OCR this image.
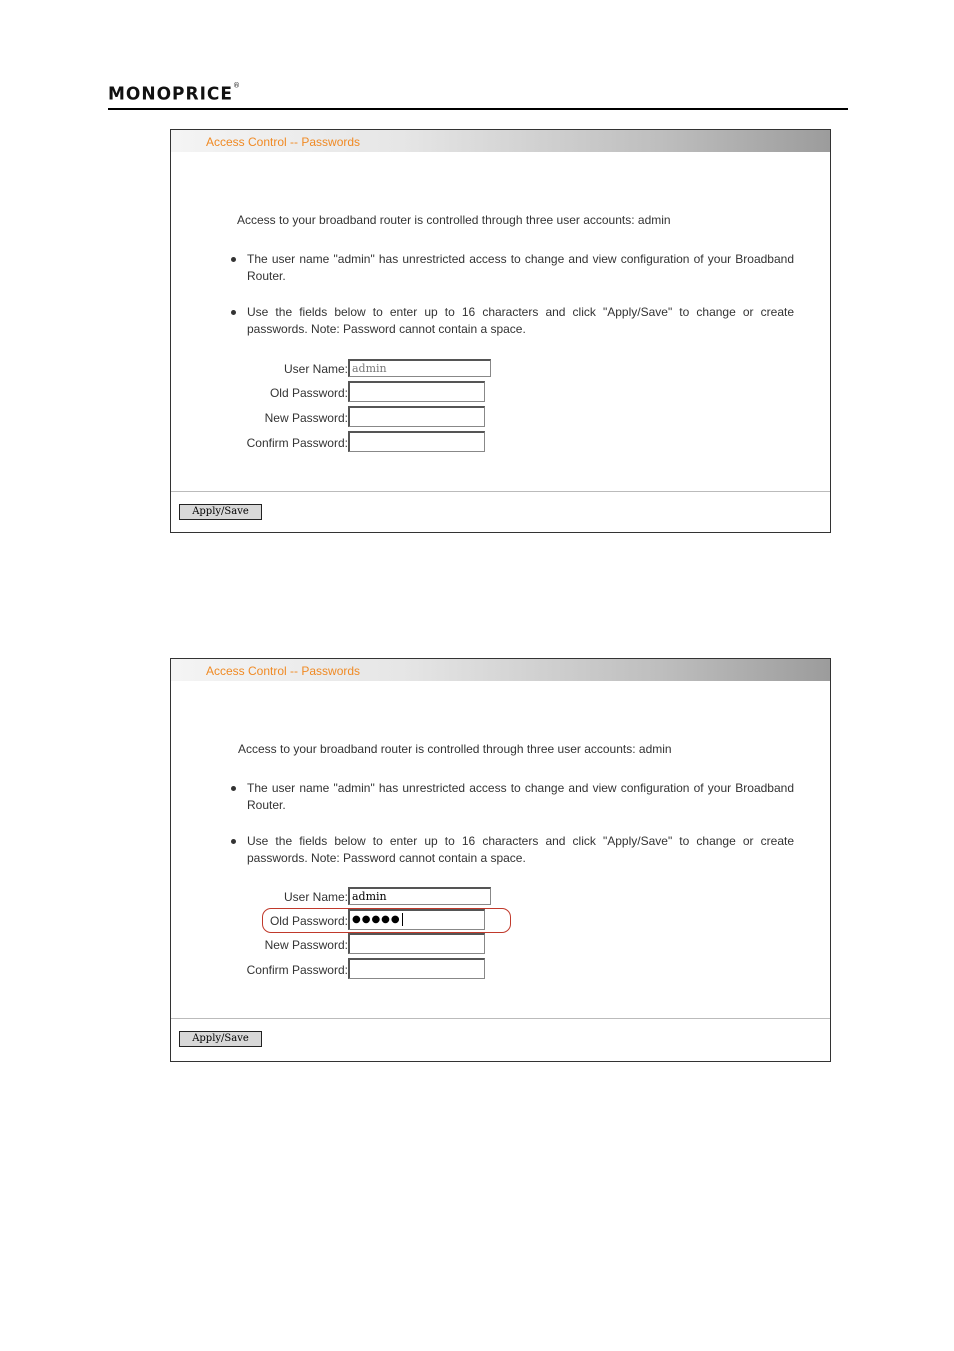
MONOPRICE®
Access Control -- Passwords
Access to your broadband router is controlled through three user accounts: admin
The user name "admin" has unrestricted access to change and view configuration of your Broadband Router.
Use the fields below to enter up to 16 characters and click "Apply/Save" to change or create passwords. Note: Password cannot contain a space.
User Name: admin
Old Password:
New Password:
Confirm Password:
Apply/Save
Access Control -- Passwords
Access to your broadband router is controlled through three user accounts: admin
The user name "admin" has unrestricted access to change and view configuration of your Broadband Router.
Use the fields below to enter up to 16 characters and click "Apply/Save" to change or create passwords. Note: Password cannot contain a space.
User Name: admin
Old Password: ●●●●●
New Password:
Confirm Password:
Apply/Save
